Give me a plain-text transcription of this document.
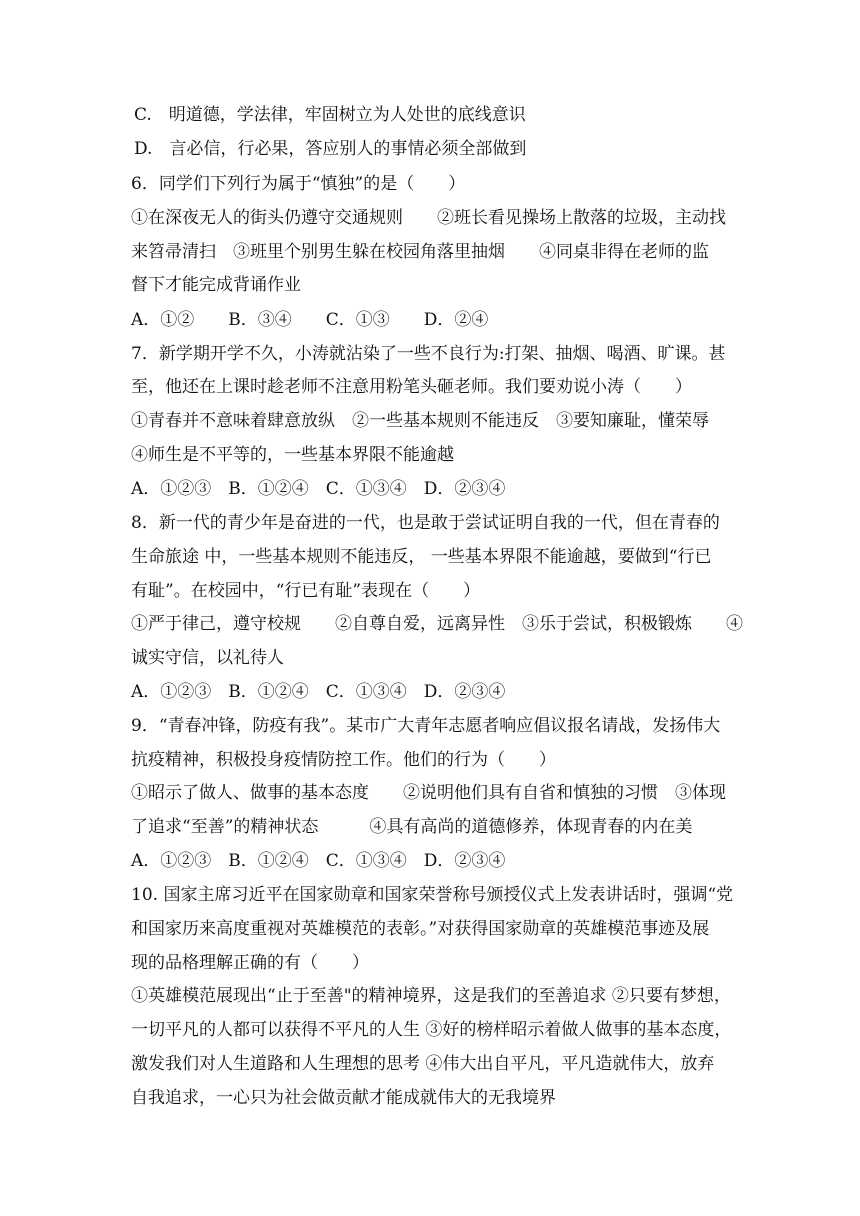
C.　明道德，学法律，牢固树立为人处世的底线意识
D.　言必信，行必果，答应别人的事情必须全部做到
6．同学们下列行为属于“慎独”的是（　　）
①在深夜无人的街头仍遵守交通规则　　②班长看见操场上散落的垃圾，主动找
来笤帚清扫　③班里个别男生躲在校园角落里抽烟　　④同桌非得在老师的监
督下才能完成背诵作业
A．①②　　B．③④　　C．①③　　D．②④
7．新学期开学不久，小涛就沾染了一些不良行为:打架、抽烟、喝酒、旷课。甚
至，他还在上课时趁老师不注意用粉笔头砸老师。我们要劝说小涛（　　）
①青春并不意味着肆意放纵　②一些基本规则不能违反　③要知廉耻，懂荣辱
④师生是不平等的，一些基本界限不能逾越
A．①②③　B．①②④　C．①③④　D．②③④
8．新一代的青少年是奋进的一代，也是敢于尝试证明自我的一代，但在青春的
生命旅途 中，一些基本规则不能违反， 一些基本界限不能逾越，要做到“行已
有耻”。在校园中，“行已有耻”表现在（　　）
①严于律己，遵守校规　　②自尊自爱，远离异性　③乐于尝试，积极锻炼　　④
诚实守信，以礼待人
A．①②③　B．①②④　C．①③④　D．②③④
9．“青春冲锋，防疫有我”。某市广大青年志愿者响应倡议报名请战，发扬伟大
抗疫精神，积极投身疫情防控工作。他们的行为（　　）
①昭示了做人、做事的基本态度　　②说明他们具有自省和慎独的习惯　③体现
了追求“至善”的精神状态　　　④具有高尚的道德修养，体现青春的内在美
A．①②③　B．①②④　C．①③④　D．②③④
10. 国家主席习近平在国家勋章和国家荣誉称号颁授仪式上发表讲话时，强调“党
和国家历来高度重视对英雄模范的表彰。”对获得国家勋章的英雄模范事迹及展
现的品格理解正确的有（　　）
①英雄模范展现出“止于至善"的精神境界，这是我们的至善追求 ②只要有梦想，
一切平凡的人都可以获得不平凡的人生 ③好的榜样昭示着做人做事的基本态度，
激发我们对人生道路和人生理想的思考 ④伟大出自平凡，平凡造就伟大，放弃
自我追求，一心只为社会做贡献才能成就伟大的无我境界
